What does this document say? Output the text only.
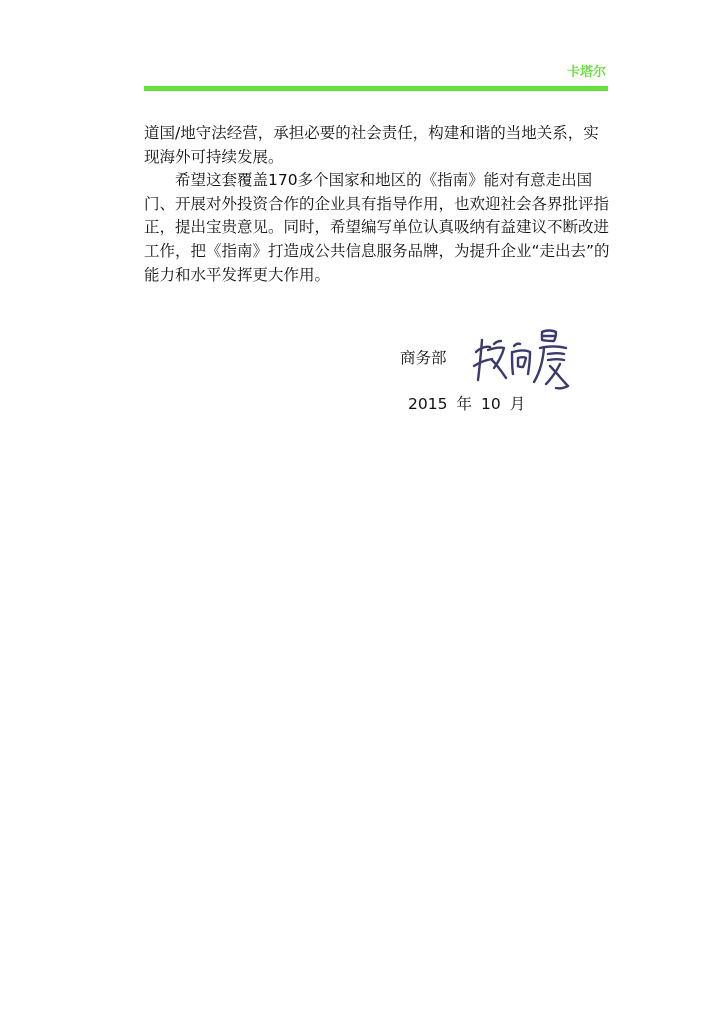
卡塔尔

道国/地守法经营，承担必要的社会责任，构建和谐的当地关系，实现海外可持续发展。

希望这套覆盖170多个国家和地区的《指南》能对有意走出国门、开展对外投资合作的企业具有指导作用，也欢迎社会各界批评指正，提出宝贵意见。同时，希望编写单位认真吸纳有益建议不断改进工作，把《指南》打造成公共信息服务品牌，为提升企业“走出去”的能力和水平发挥更大作用。

商务部
2015 年 10 月
